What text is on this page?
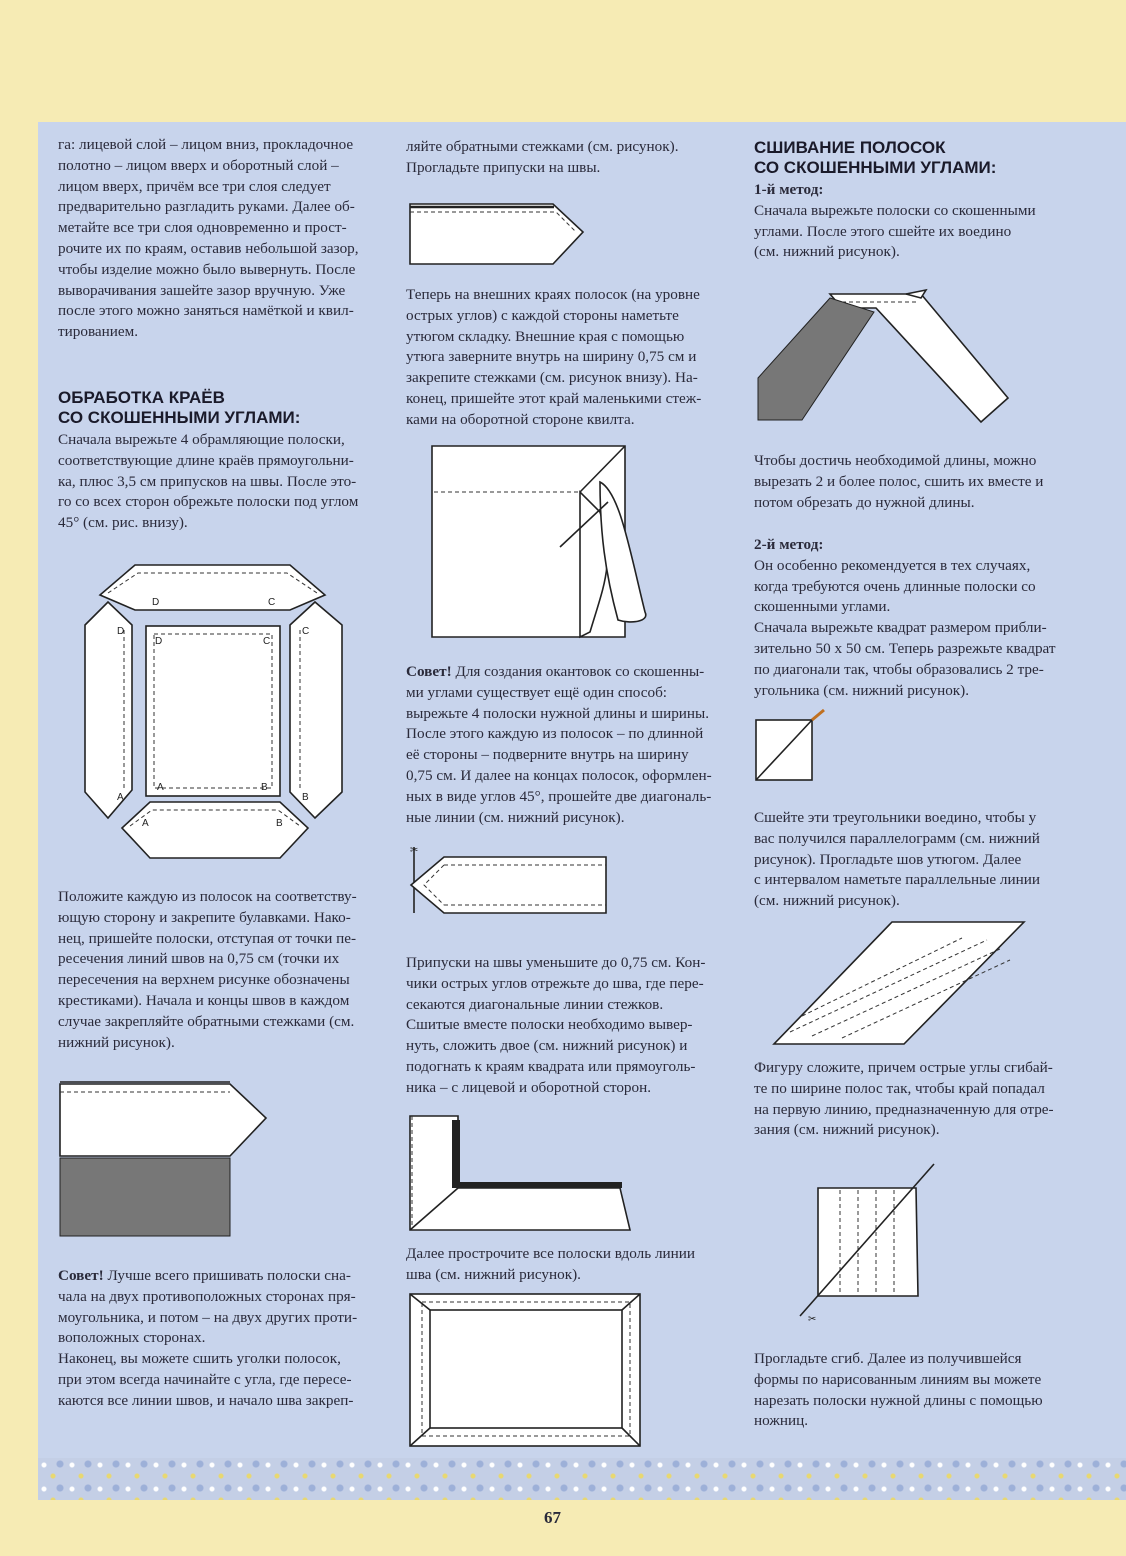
га: лицевой слой – лицом вниз, прокладочное

полотно – лицом вверх и оборотный слой –

лицом вверх, причём все три слоя следует

предварительно разгладить руками. Далее об-

метайте все три слоя одновременно и прост-

рочите их по краям, оставив небольшой зазор,

чтобы изделие можно было вывернуть. После

выворачивания зашейте зазор вручную. Уже

после этого можно заняться намёткой и квил-

тированием.

ОБРАБОТКА КРАЁВ

СО СКОШЕННЫМИ УГЛАМИ:

Сначала вырежьте 4 обрамляющие полоски,

соответствующие длине краёв прямоугольни-

ка, плюс 3,5 см припусков на швы. После это-

го со всех сторон обрежьте полоски под углом

45° (см. рис. внизу).

D	C
D	C
D	C
A	B
A	B
A	B

Положите каждую из полосок на соответству-

ющую сторону и закрепите булавками. Нако-

нец, пришейте полоски, отступая от точки пе-

ресечения линий швов на 0,75 см (точки их

пересечения на верхнем рисунке обозначены

крестиками). Начала и концы швов в каждом

случае закрепляйте обратными стежками (см.

нижний рисунок).

Совет! Лучше всего пришивать полоски сна-

чала на двух противоположных сторонах пря-

моугольника, и потом – на двух других проти-

воположных сторонах.

Наконец, вы можете сшить уголки полосок,

при этом всегда начинайте с угла, где пересе-

каются все линии швов, и начало шва закреп-

ляйте обратными стежками (см. рисунок).

Прогладьте припуски на швы.

Теперь на внешних краях полосок (на уровне

острых углов) с каждой стороны наметьте

утюгом складку. Внешние края с помощью

утюга заверните внутрь на ширину 0,75 см и

закрепите стежками (см. рисунок внизу). На-

конец, пришейте этот край маленькими стеж-

ками на оборотной стороне квилта.

Совет! Для создания окантовок со скошенны-

ми углами существует ещё один способ:

вырежьте 4 полоски нужной длины и ширины.

После этого каждую из полосок – по длинной

её стороны – подверните внутрь на ширину

0,75 см. И далее на концах полосок, оформлен-

ных в виде углов 45°, прошейте две диагональ-

ные линии (см. нижний рисунок).

✂

Припуски на швы уменьшите до 0,75 см. Кон-

чики острых углов отрежьте до шва, где пере-

секаются диагональные линии стежков.

Сшитые вместе полоски необходимо вывер-

нуть, сложить двое (см. нижний рисунок) и

подогнать к краям квадрата или прямоуголь-

ника – с лицевой и оборотной сторон.

Далее прострочите все полоски вдоль линии

шва (см. нижний рисунок).

СШИВАНИЕ ПОЛОСОК

СО СКОШЕННЫМИ УГЛАМИ:

1-й метод:

Сначала вырежьте полоски со скошенными

углами. После этого сшейте их воедино

(см. нижний рисунок).

Чтобы достичь необходимой длины, можно

вырезать 2 и более полос, сшить их вместе и

потом обрезать до нужной длины.

2-й метод:

Он особенно рекомендуется в тех случаях,

когда требуются очень длинные полоски со

скошенными углами.

Сначала вырежьте квадрат размером прибли-

зительно 50 x 50 см. Теперь разрежьте квадрат

по диагонали так, чтобы образовались 2 тре-

угольника (см. нижний рисунок).

Сшейте эти треугольники воедино, чтобы у

вас получился параллелограмм (см. нижний

рисунок). Прогладьте шов утюгом. Далее

с интервалом наметьте параллельные линии

(см. нижний рисунок).

Фигуру сложите, причем острые углы сгибай-

те по ширине полос так, чтобы край попадал

на первую линию, предназначенную для отре-

зания (см. нижний рисунок).

✂

Прогладьте сгиб. Далее из получившейся

формы по нарисованным линиям вы можете

нарезать полоски нужной длины с помощью

ножниц.

67
